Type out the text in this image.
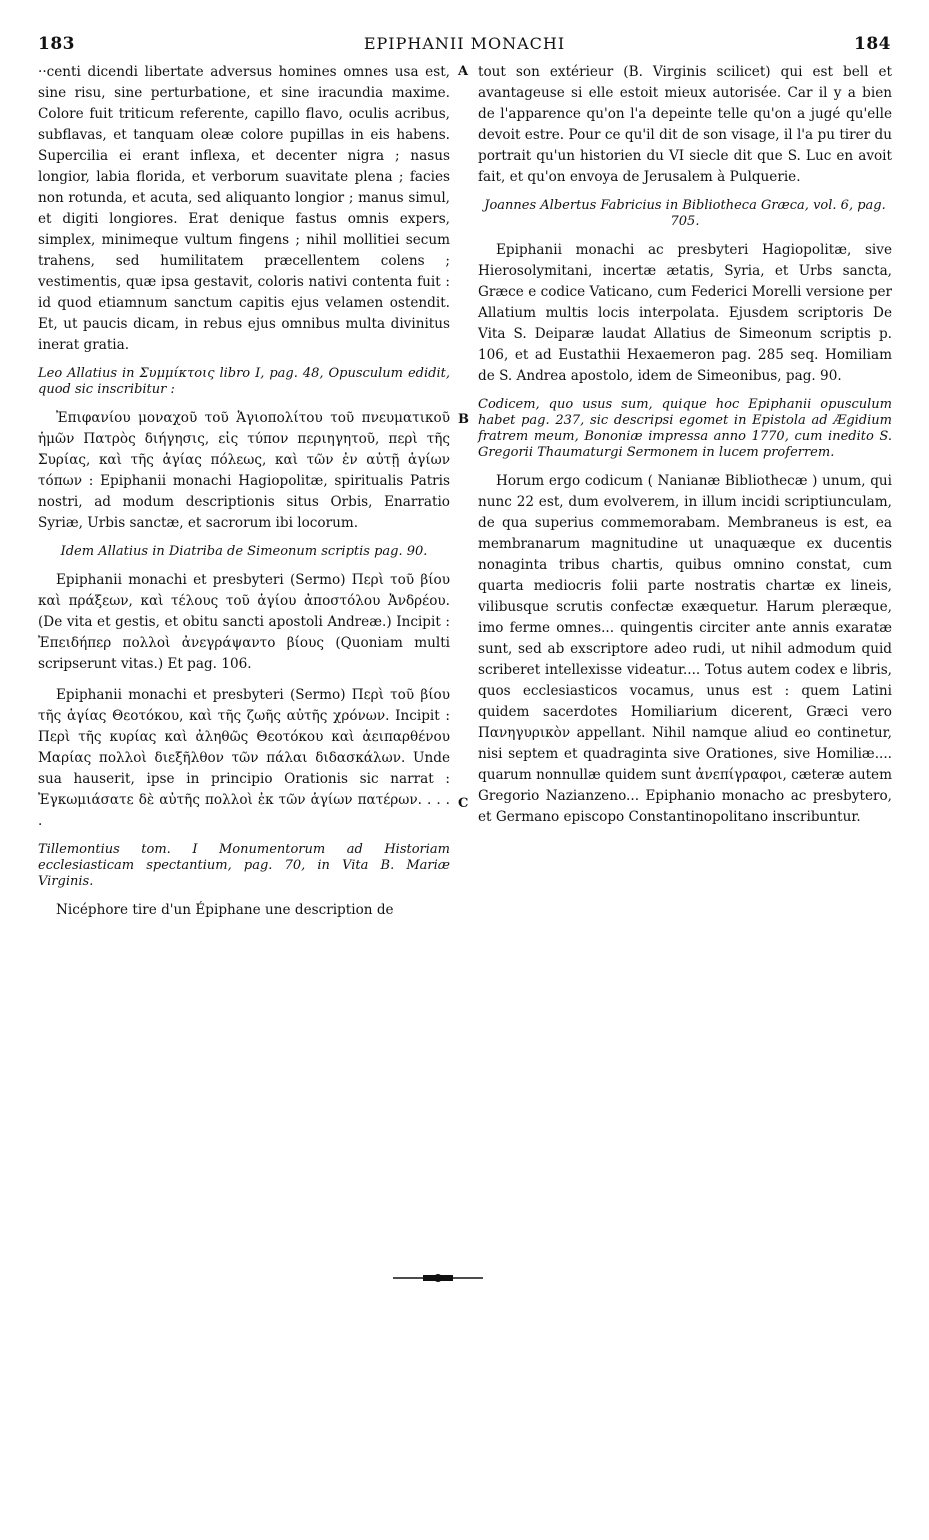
183	EPIPHANII MONACHI	184
A
B
C

··centi dicendi libertate adversus homines omnes usa est, sine risu, sine perturbatione, et sine iracundia maxime. Colore fuit triticum referente, capillo flavo, oculis acribus, subflavas, et tanquam oleæ colore pupillas in eis habens. Supercilia ei erant inflexa, et decenter nigra ; nasus longior, labia florida, et verborum suavitate plena ; facies non rotunda, et acuta, sed aliquanto longior ; manus simul, et digiti longiores. Erat denique fastus omnis expers, simplex, minimeque vultum fingens ; nihil mollitiei secum trahens, sed humilitatem præcellentem colens ; vestimentis, quæ ipsa gestavit, coloris nativi contenta fuit : id quod etiamnum sanctum capitis ejus velamen ostendit. Et, ut paucis dicam, in rebus ejus omnibus multa divinitus inerat gratia.

Leo Allatius in Συμμίκτοις libro I, pag. 48, Opusculum edidit, quod sic inscribitur :

Ἐπιφανίου μοναχοῦ τοῦ Ἁγιοπολίτου τοῦ πνευματικοῦ ἡμῶν Πατρὸς διήγησις, εἰς τύπον περιηγητοῦ, περὶ τῆς Συρίας, καὶ τῆς ἁγίας πόλεως, καὶ τῶν ἐν αὐτῇ ἁγίων τόπων : Epiphanii monachi Hagiopolitæ, spiritualis Patris nostri, ad modum descriptionis situs Orbis, Enarratio Syriæ, Urbis sanctæ, et sacrorum ibi locorum.

Idem Allatius in Diatriba de Simeonum scriptis pag. 90.

Epiphanii monachi et presbyteri (Sermo) Περὶ τοῦ βίου καὶ πράξεων, καὶ τέλους τοῦ ἁγίου ἀποστόλου Ἀνδρέου. (De vita et gestis, et obitu sancti apostoli Andreæ.) Incipit : Ἐπειδήπερ πολλοὶ ἀνεγράψαντο βίους (Quoniam multi scripserunt vitas.) Et pag. 106.

Epiphanii monachi et presbyteri (Sermo) Περὶ τοῦ βίου τῆς ἁγίας Θεοτόκου, καὶ τῆς ζωῆς αὐτῆς χρόνων. Incipit : Περὶ τῆς κυρίας καὶ ἀληθῶς Θεοτόκου καὶ ἀειπαρθένου Μαρίας πολλοὶ διεξῆλθον τῶν πάλαι διδασκάλων. Unde sua hauserit, ipse in principio Orationis sic narrat : Ἐγκωμιάσατε δὲ αὐτῆς πολλοὶ ἐκ τῶν ἁγίων πατέρων. . . . .

Tillemontius tom. I Monumentorum ad Historiam ecclesiasticam spectantium, pag. 70, in Vita B. Mariæ Virginis.

Nicéphore tire d'un Épiphane une description de

tout son extérieur (B. Virginis scilicet) qui est bell et avantageuse si elle estoit mieux autorisée. Car il y a bien de l'apparence qu'on l'a depeinte telle qu'on a jugé qu'elle devoit estre. Pour ce qu'il dit de son visage, il l'a pu tirer du portrait qu'un historien du VI siecle dit que S. Luc en avoit fait, et qu'on envoya de Jerusalem à Pulquerie.

Joannes Albertus Fabricius in Bibliotheca Græca, vol. 6, pag. 705.

Epiphanii monachi ac presbyteri Hagiopolitæ, sive Hierosolymitani, incertæ ætatis, Syria, et Urbs sancta, Græce e codice Vaticano, cum Federici Morelli versione per Allatium multis locis interpolata. Ejusdem scriptoris De Vita S. Deiparæ laudat Allatius de Simeonum scriptis p. 106, et ad Eustathii Hexaemeron pag. 285 seq. Homiliam de S. Andrea apostolo, idem de Simeonibus, pag. 90.

Codicem, quo usus sum, quique hoc Epiphanii opusculum habet pag. 237, sic descripsi egomet in Epistola ad Ægidium fratrem meum, Bononiæ impressa anno 1770, cum inedito S. Gregorii Thaumaturgi Sermonem in lucem proferrem.

Horum ergo codicum ( Nanianæ Bibliothecæ ) unum, qui nunc 22 est, dum evolverem, in illum incidi scriptiunculam, de qua superius commemorabam. Membraneus is est, ea membranarum magnitudine ut unaquæque ex ducentis nonaginta tribus chartis, quibus omnino constat, cum quarta mediocris folii parte nostratis chartæ ex lineis, vilibusque scrutis confectæ exæquetur. Harum pleræque, imo ferme omnes... quingentis circiter ante annis exaratæ sunt, sed ab exscriptore adeo rudi, ut nihil admodum quid scriberet intellexisse videatur.... Totus autem codex e libris, quos ecclesiasticos vocamus, unus est : quem Latini quidem sacerdotes Homiliarium dicerent, Græci vero Πανηγυρικὸν appellant. Nihil namque aliud eo continetur, nisi septem et quadraginta sive Orationes, sive Homiliæ.... quarum nonnullæ quidem sunt ἀνεπίγραφοι, cæteræ autem Gregorio Nazianzeno... Epiphanio monacho ac presbytero, et Germano episcopo Constantinopolitano inscribuntur.
